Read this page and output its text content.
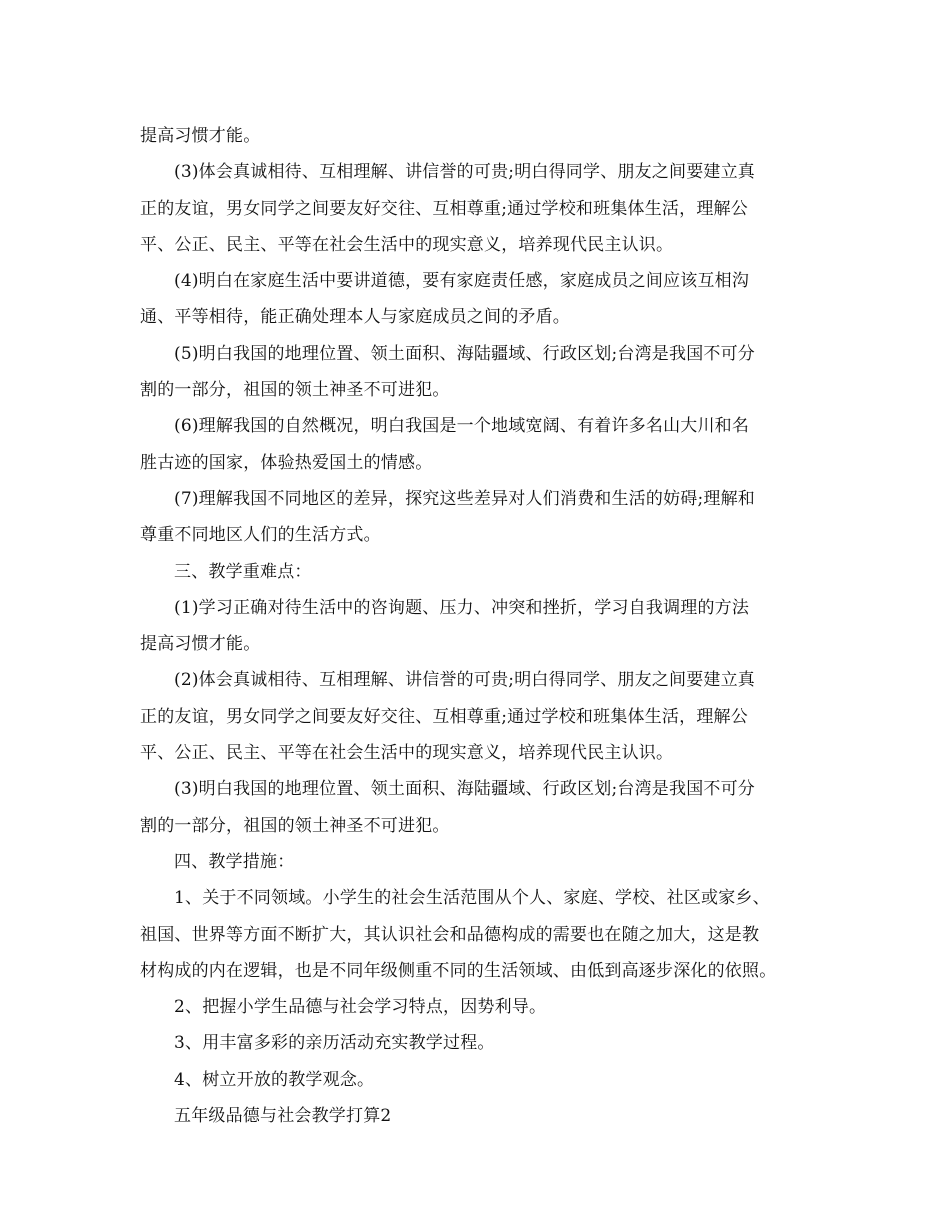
提高习惯才能。
(3)体会真诚相待、互相理解、讲信誉的可贵;明白得同学、朋友之间要建立真
正的友谊，男女同学之间要友好交往、互相尊重;通过学校和班集体生活，理解公
平、公正、民主、平等在社会生活中的现实意义，培养现代民主认识。
(4)明白在家庭生活中要讲道德，要有家庭责任感，家庭成员之间应该互相沟
通、平等相待，能正确处理本人与家庭成员之间的矛盾。
(5)明白我国的地理位置、领土面积、海陆疆域、行政区划;台湾是我国不可分
割的一部分，祖国的领土神圣不可进犯。
(6)理解我国的自然概况，明白我国是一个地域宽阔、有着许多名山大川和名
胜古迹的国家，体验热爱国土的情感。
(7)理解我国不同地区的差异，探究这些差异对人们消费和生活的妨碍;理解和
尊重不同地区人们的生活方式。
三、教学重难点：
(1)学习正确对待生活中的咨询题、压力、冲突和挫折，学习自我调理的方法
提高习惯才能。
(2)体会真诚相待、互相理解、讲信誉的可贵;明白得同学、朋友之间要建立真
正的友谊，男女同学之间要友好交往、互相尊重;通过学校和班集体生活，理解公
平、公正、民主、平等在社会生活中的现实意义，培养现代民主认识。
(3)明白我国的地理位置、领土面积、海陆疆域、行政区划;台湾是我国不可分
割的一部分，祖国的领土神圣不可进犯。
四、教学措施：
1、关于不同领域。小学生的社会生活范围从个人、家庭、学校、社区或家乡、
祖国、世界等方面不断扩大，其认识社会和品德构成的需要也在随之加大，这是教
材构成的内在逻辑，也是不同年级侧重不同的生活领域、由低到高逐步深化的依照。
2、把握小学生品德与社会学习特点，因势利导。
3、用丰富多彩的亲历活动充实教学过程。
4、树立开放的教学观念。
五年级品德与社会教学打算2
